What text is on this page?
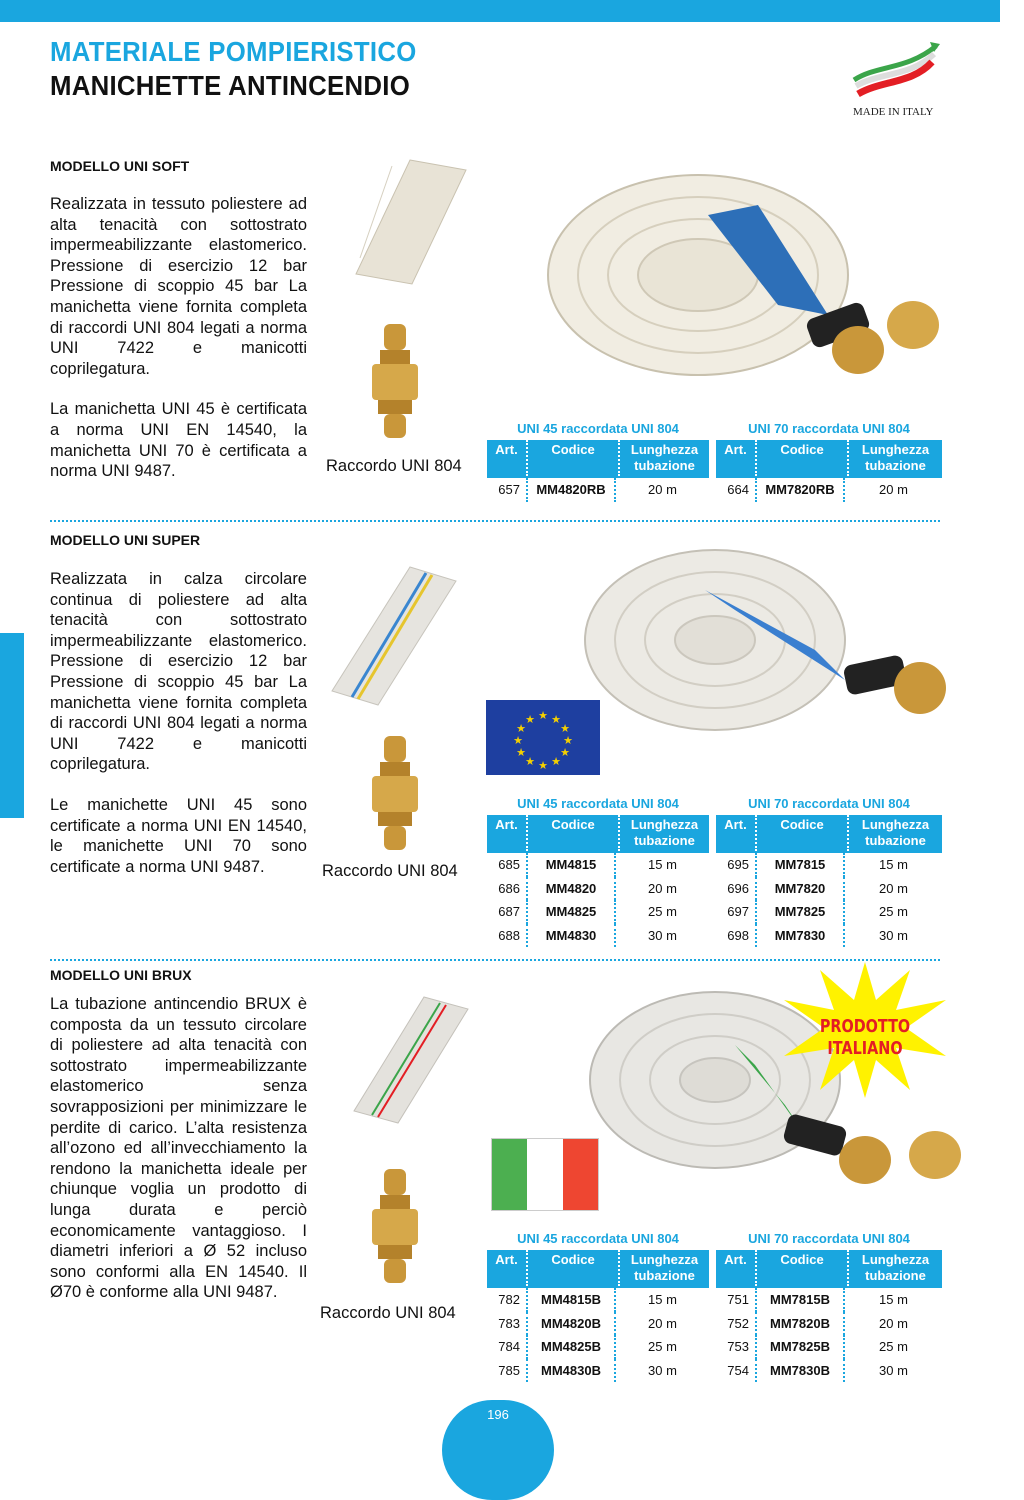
MATERIALE POMPIERISTICO
MANICHETTE ANTINCENDIO
MADE IN ITALY
MODELLO UNI SOFT

Realizzata in tessuto poliestere ad alta tenacità con sottostrato impermeabilizzante elastomerico. Pressione di esercizio 12 bar Pressione di scoppio 45 bar La manichetta viene fornita completa di raccordi UNI 804 legati a norma UNI 7422 e manicotti coprilegatura.

La manichetta UNI 45 è certificata a norma UNI EN 14540, la manichetta UNI 70 è certificata a norma UNI 9487.	Raccordo UNI 804
UNI 45 raccordata UNI 804
Art.	Codice	Lunghezza tubazione
657	MM4820RB	20 m
UNI 70 raccordata UNI 804
Art.	Codice	Lunghezza tubazione
664	MM7820RB	20 m
MODELLO UNI SUPER

Realizzata in calza circolare continua di poliestere ad alta tenacità con sottostrato impermeabilizzante elastomerico. Pressione di esercizio 12 bar Pressione di scoppio 45 bar La manichetta viene fornita completa di raccordi UNI 804 legati a norma UNI 7422 e manicotti coprilegatura.

Le manichette UNI 45 sono certificate a norma UNI EN 14540, le manichette UNI 70 sono certificate a norma UNI 9487.	Raccordo UNI 804
★ ★
★
★
★
★
★
★
★
★
★
★
UNI 45 raccordata UNI 804
Art.	Codice	Lunghezza tubazione
685	MM4815	15 m
686	MM4820	20 m
687	MM4825	25 m
688	MM4830	30 m
UNI 70 raccordata UNI 804
Art.	Codice	Lunghezza tubazione
695	MM7815	15 m
696	MM7820	20 m
697	MM7825	25 m
698	MM7830	30 m
MODELLO UNI BRUX

La tubazione antincendio BRUX è composta da un tessuto circolare di poliestere ad alta tenacità con sottostrato impermeabilizzante elastomerico senza sovrapposizioni per minimizzare le perdite di carico. L’alta resistenza all’ozono ed all’invecchiamento la rendono la manichetta ideale per chiunque voglia un prodotto di lunga durata e perciò economicamente vantaggioso. I diametri inferiori a Ø 52 incluso sono conformi alla EN 14540. Il Ø70 è conforme alla UNI 9487.

Raccordo UNI 804
PRODOTTO
ITALIANO
UNI 45 raccordata UNI 804
Art.	Codice	Lunghezza tubazione
782	MM4815B	15 m
783	MM4820B	20 m
784	MM4825B	25 m
785	MM4830B	30 m
UNI 70 raccordata UNI 804
Art.	Codice	Lunghezza tubazione
751	MM7815B	15 m
752	MM7820B	20 m
753	MM7825B	25 m
754	MM7830B	30 m
196
